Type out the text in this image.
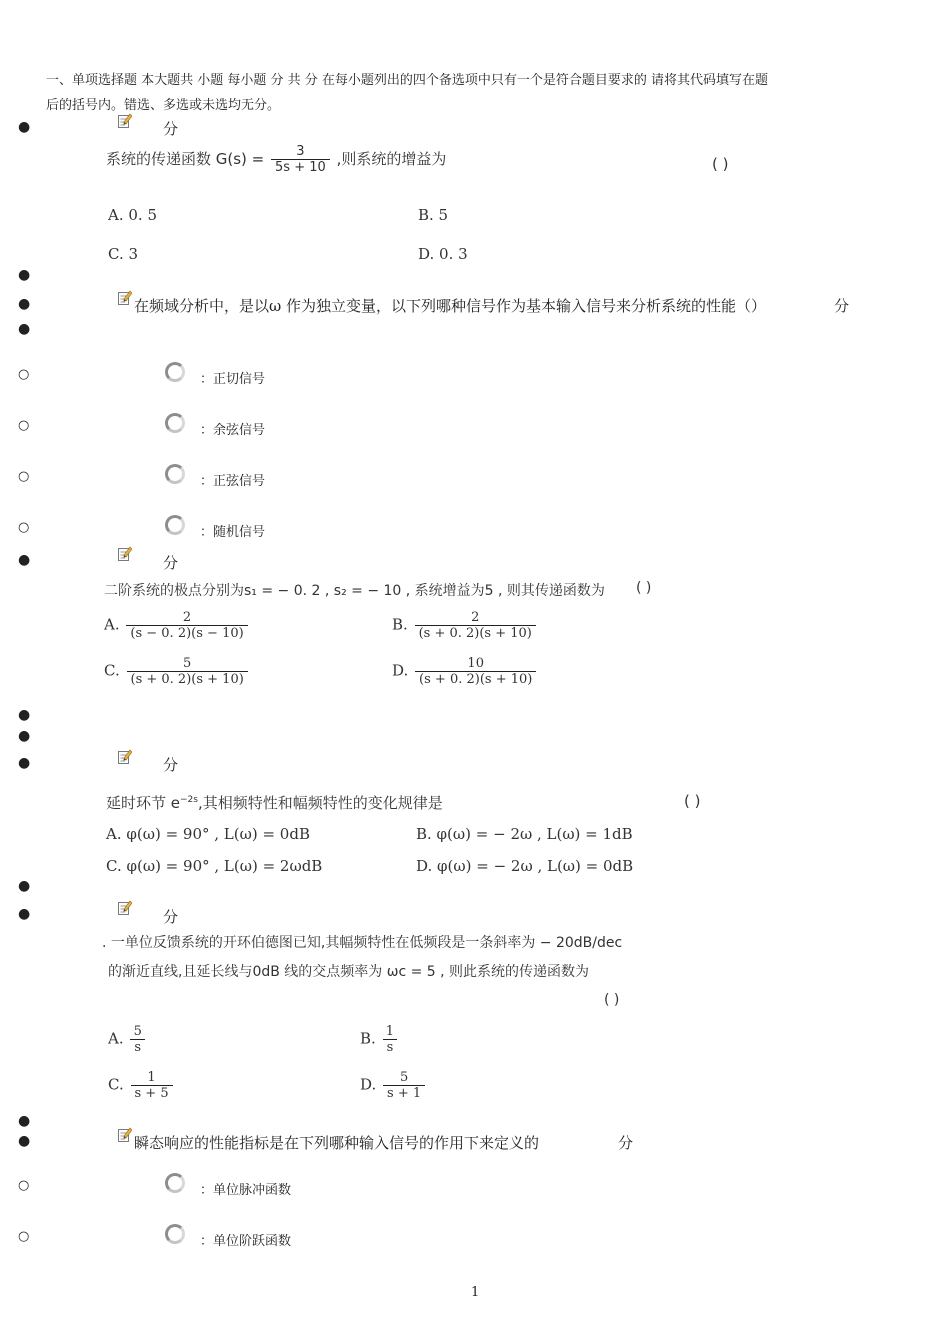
一、单项选择题 本大题共 小题 每小题 分 共 分 在每小题列出的四个备选项中只有一个是符合题目要求的 请将其代码填写在题
后的括号内。错选、多选或未选均无分。
●	分
系统的传递函数 $G(s) = \frac{3}{5s + 10}$ ,则系统的增益为	( )
A. 0. 5	B. 5
C. 3	D. 0. 3
●
●	在频域分析中，是以ω 作为独立变量，以下列哪种信号作为基本输入信号来分析系统的性能（）	分
●
○	：正切信号
○	：余弦信号
○	：正弦信号
○	：随机信号
●	分
二阶系统的极点分别为s₁ = − 0. 2 , s₂ = − 10 , 系统增益为5 , 则其传递函数为 ( )
A. $\frac{2}{(s - 0. 2)(s - 10)}$	B. $\frac{2}{(s + 0. 2)(s + 10)}$
C. $\frac{5}{(s + 0. 2)(s + 10)}$	D. $\frac{10}{(s + 0. 2)(s + 10)}$
●
●
●	分
延时环节 $e^{-2s}$,其相频特性和幅频特性的变化规律是	( )
A. φ(ω) = 90° , L(ω) = 0dB	B. φ(ω) = − 2ω , L(ω) = 1dB
C. φ(ω) = 90° , L(ω) = 2ωdB	D. φ(ω) = − 2ω , L(ω) = 0dB
●
●	分
. 一单位反馈系统的开环伯德图已知,其幅频特性在低频段是一条斜率为 − 20dB/dec
的渐近直线,且延长线与0dB 线的交点频率为 ωc = 5 , 则此系统的传递函数为
( )
A. $\frac{5}{s}$	B. $\frac{1}{s}$
C. $\frac{1}{s + 5}$	D. $\frac{5}{s + 1}$
●
●	瞬态响应的性能指标是在下列哪种输入信号的作用下来定义的	分
○	：单位脉冲函数
○	：单位阶跃函数
1
